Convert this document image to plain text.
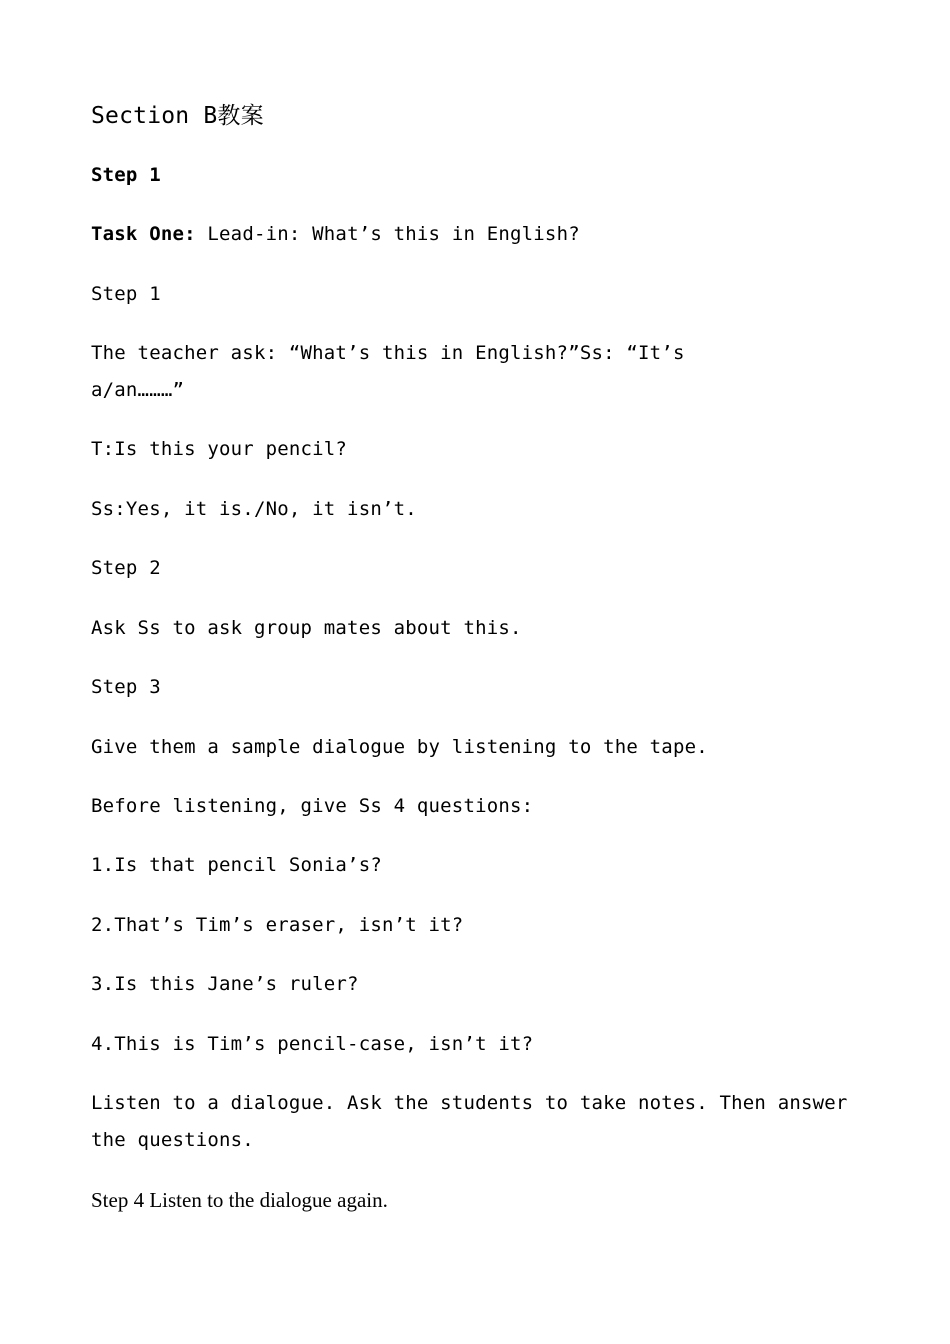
Section B教案
Step 1
Task One: Lead-in: What’s this in English?
Step 1
The teacher ask: “What’s this in English?”Ss: “It’s
a/an………”
T:Is this your pencil?
Ss:Yes, it is./No, it isn’t.
Step 2
Ask Ss to ask group mates about this.
Step 3
Give them a sample dialogue by listening to the tape.
Before listening, give Ss 4 questions:
1.Is that pencil Sonia’s?
2.That’s Tim’s eraser, isn’t it?
3.Is this Jane’s ruler?
4.This is Tim’s pencil-case, isn’t it?
Listen to a dialogue. Ask the students to take notes. Then answer
the questions.
Step 4 Listen to the dialogue again.
